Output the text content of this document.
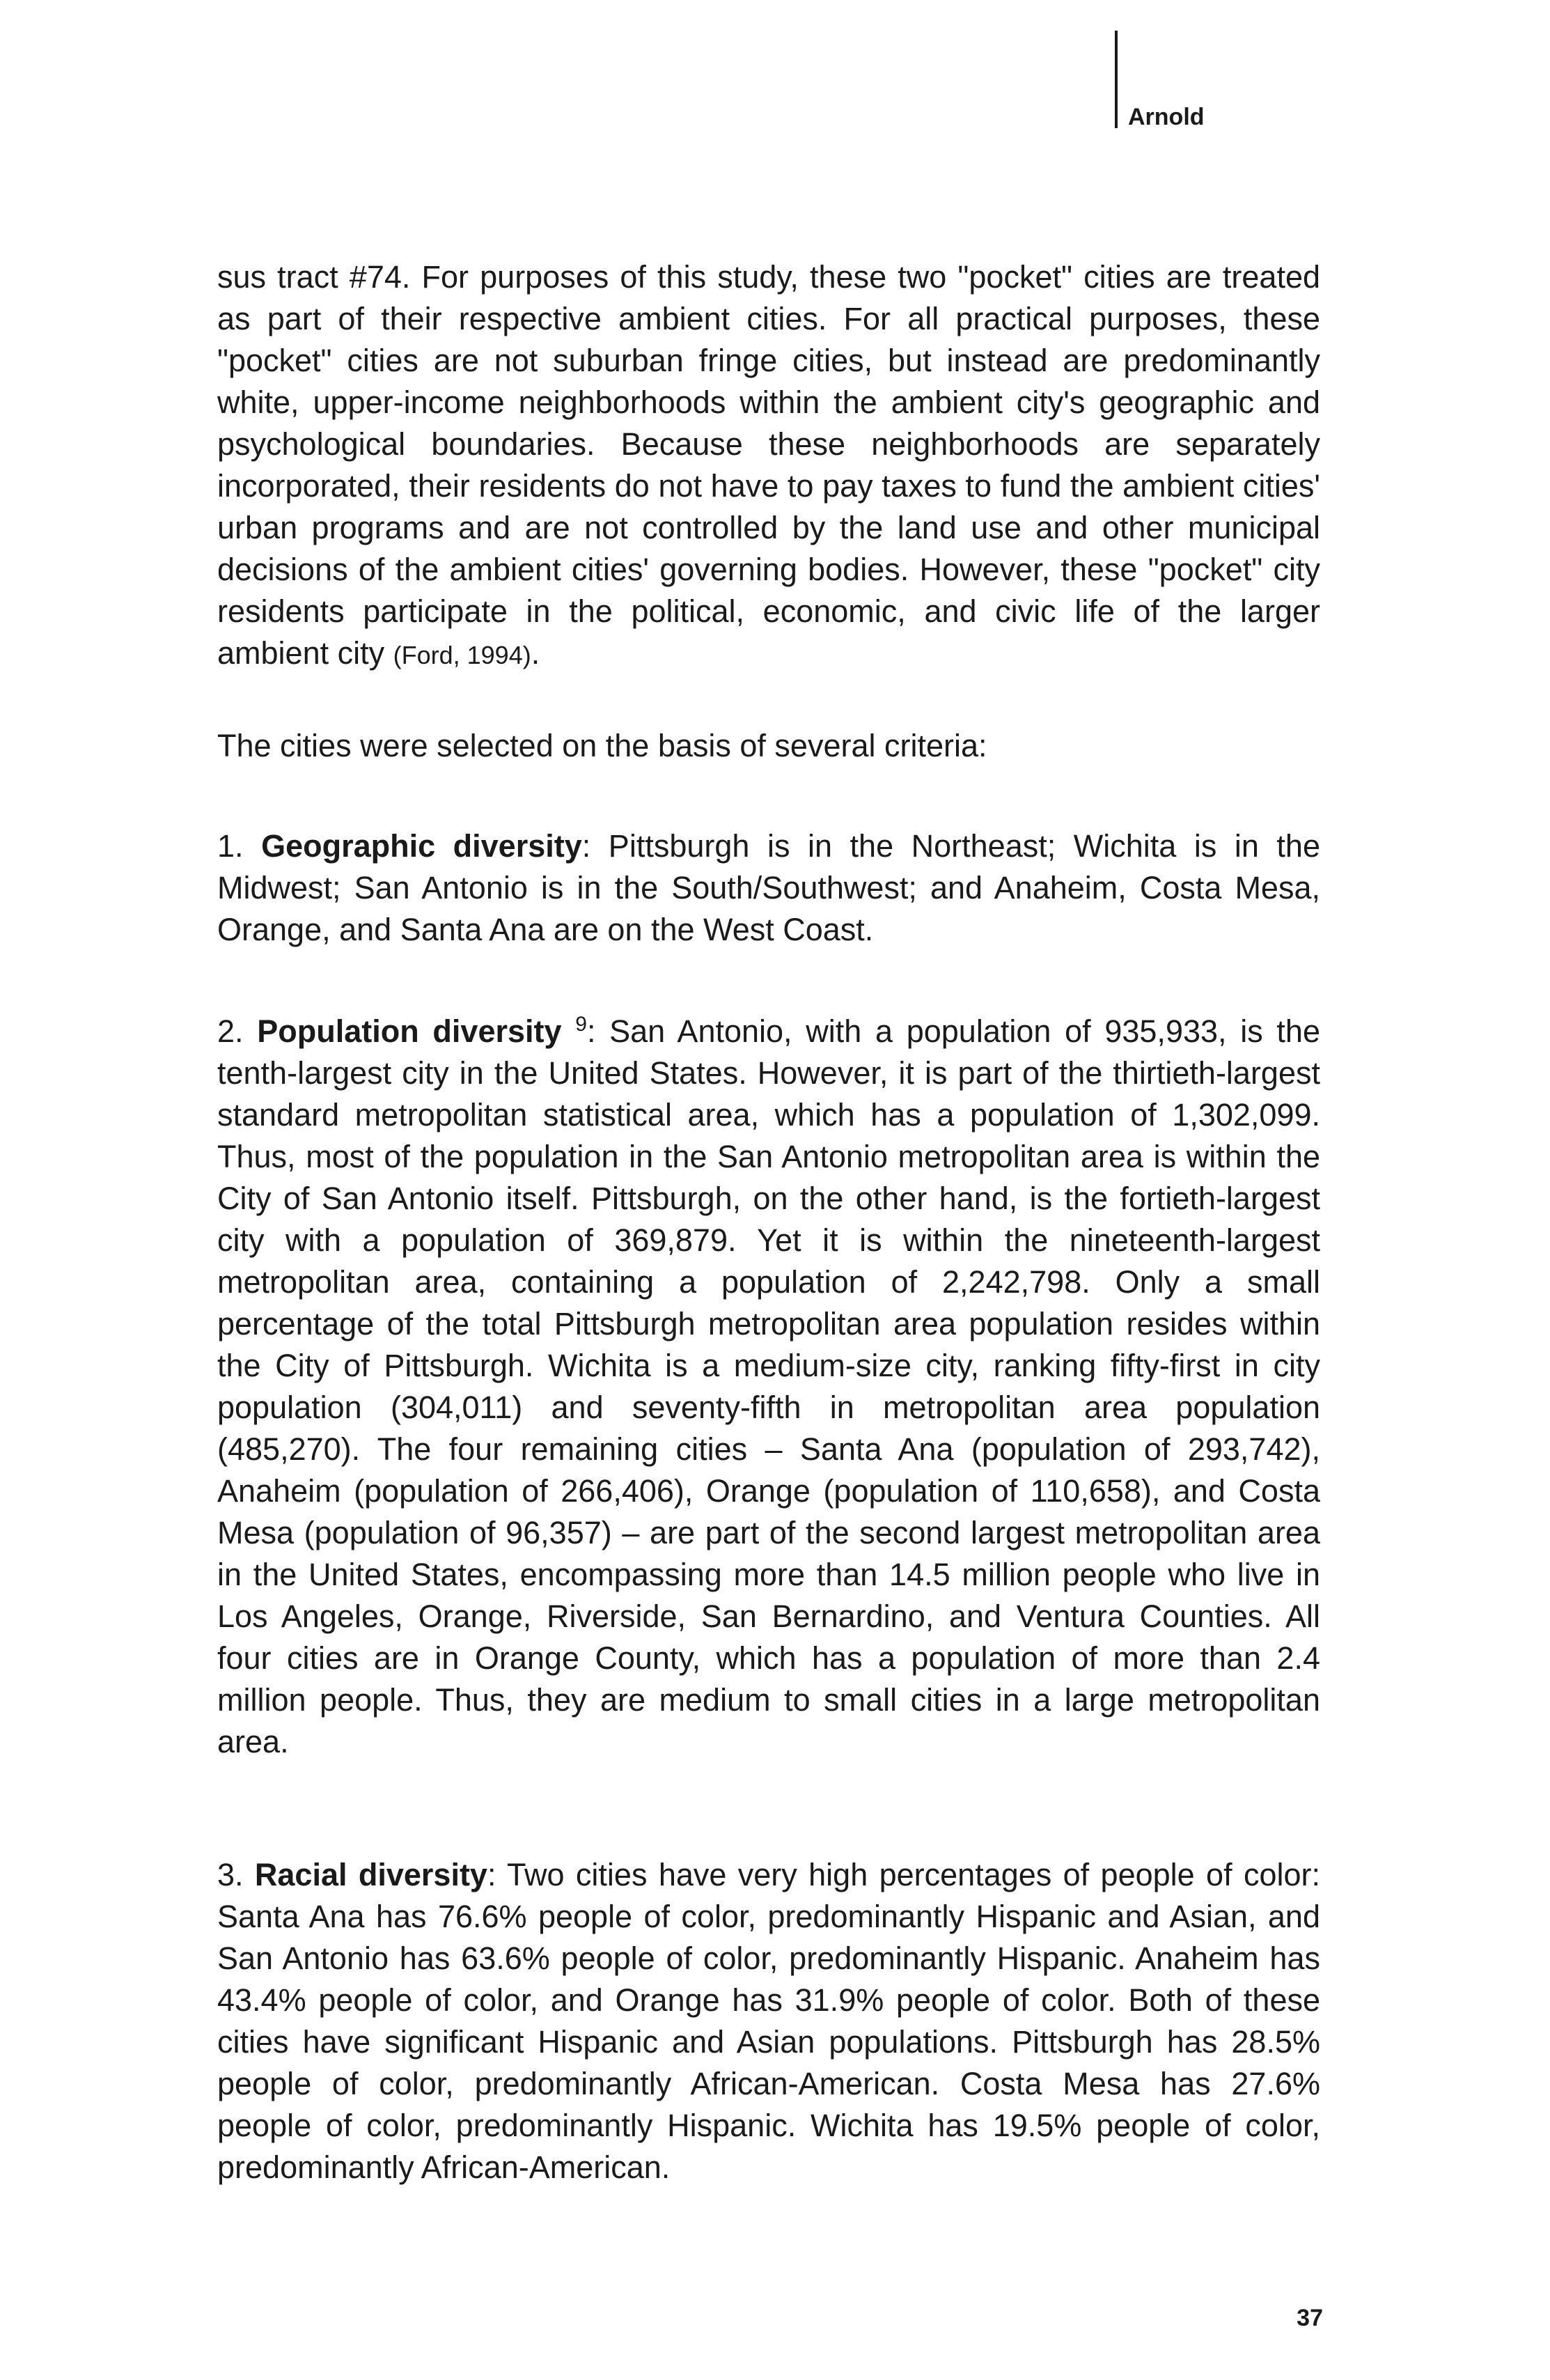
Arnold

sus tract #74. For purposes of this study, these two "pocket" cities are treated as part of their respective ambient cities. For all practical purposes, these "pocket" cities are not suburban fringe cities, but instead are predominantly white, upper-income neighborhoods within the ambient city's geographic and psychological boundaries. Because these neighborhoods are separately incorporated, their residents do not have to pay taxes to fund the ambient cities' urban programs and are not controlled by the land use and other municipal decisions of the ambient cities' governing bodies. However, these "pocket" city residents participate in the political, economic, and civic life of the larger ambient city (Ford, 1994).

The cities were selected on the basis of several criteria:

1. Geographic diversity: Pittsburgh is in the Northeast; Wichita is in the Midwest; San Antonio is in the South/Southwest; and Anaheim, Costa Mesa, Orange, and Santa Ana are on the West Coast.

2. Population diversity $^9$: San Antonio, with a population of 935,933, is the tenth-largest city in the United States. However, it is part of the thirtieth-largest standard metropolitan statistical area, which has a population of 1,302,099. Thus, most of the population in the San Antonio metropolitan area is within the City of San Antonio itself. Pittsburgh, on the other hand, is the fortieth-largest city with a population of 369,879. Yet it is within the nineteenth-largest metropolitan area, containing a population of 2,242,798. Only a small percentage of the total Pittsburgh metropolitan area population resides within the City of Pittsburgh. Wichita is a medium-size city, ranking fifty-first in city population (304,011) and seventy-fifth in metropolitan area population (485,270). The four remaining cities – Santa Ana (population of 293,742), Anaheim (population of 266,406), Orange (population of 110,658), and Costa Mesa (population of 96,357) – are part of the second largest metropolitan area in the United States, encompassing more than 14.5 million people who live in Los Angeles, Orange, Riverside, San Bernardino, and Ventura Counties. All four cities are in Orange County, which has a population of more than 2.4 million people. Thus, they are medium to small cities in a large metropolitan area.

3. Racial diversity: Two cities have very high percentages of people of color: Santa Ana has 76.6% people of color, predominantly Hispanic and Asian, and San Antonio has 63.6% people of color, predominantly Hispanic. Anaheim has 43.4% people of color, and Orange has 31.9% people of color. Both of these cities have significant Hispanic and Asian populations. Pittsburgh has 28.5% people of color, predominantly African-American. Costa Mesa has 27.6% people of color, predominantly Hispanic. Wichita has 19.5% people of color, predominantly African-American.

37
